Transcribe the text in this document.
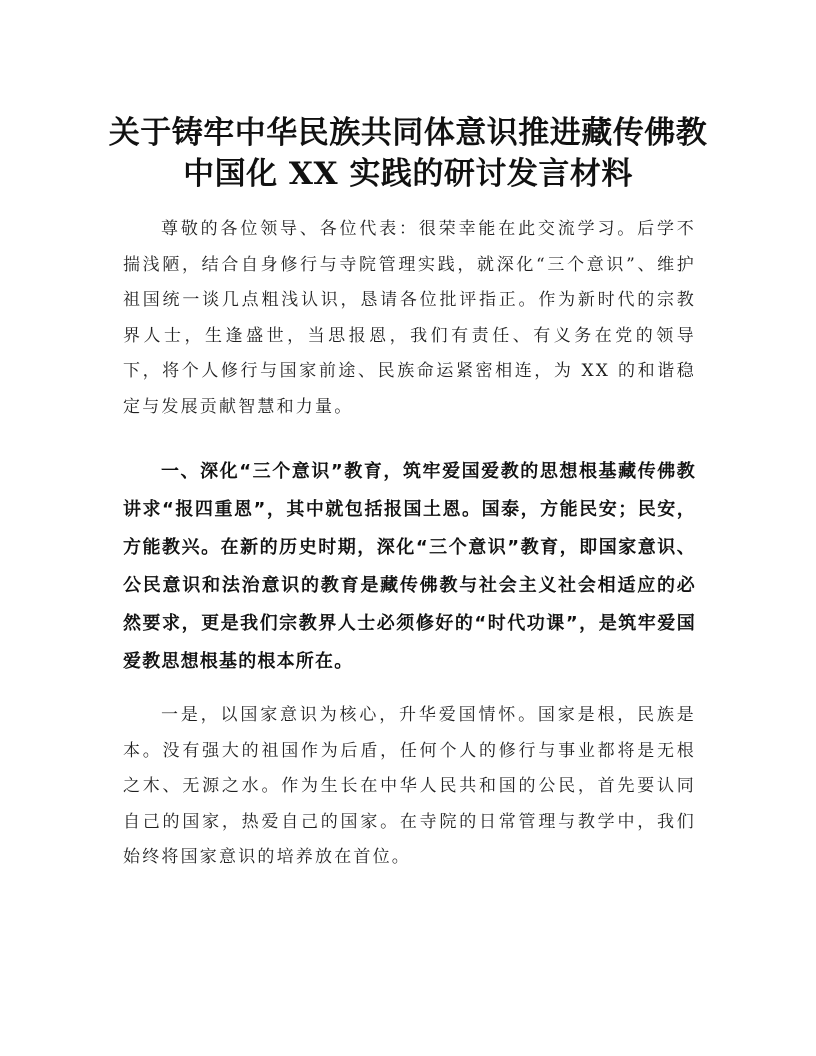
关于铸牢中华民族共同体意识推进藏传佛教
中国化 XX 实践的研讨发言材料

尊敬的各位领导、各位代表：很荣幸能在此交流学习。后学不揣浅陋，结合自身修行与寺院管理实践，就深化“三个意识”、维护祖国统一谈几点粗浅认识，恳请各位批评指正。作为新时代的宗教界人士，生逢盛世，当思报恩，我们有责任、有义务在党的领导下，将个人修行与国家前途、民族命运紧密相连，为 XX 的和谐稳定与发展贡献智慧和力量。

一、深化“三个意识”教育，筑牢爱国爱教的思想根基藏传佛教讲求“报四重恩”，其中就包括报国土恩。国泰，方能民安；民安，方能教兴。在新的历史时期，深化“三个意识”教育，即国家意识、公民意识和法治意识的教育是藏传佛教与社会主义社会相适应的必然要求，更是我们宗教界人士必须修好的“时代功课”，是筑牢爱国爱教思想根基的根本所在。

一是，以国家意识为核心，升华爱国情怀。国家是根，民族是本。没有强大的祖国作为后盾，任何个人的修行与事业都将是无根之木、无源之水。作为生长在中华人民共和国的公民，首先要认同自己的国家，热爱自己的国家。在寺院的日常管理与教学中，我们始终将国家意识的培养放在首位。
